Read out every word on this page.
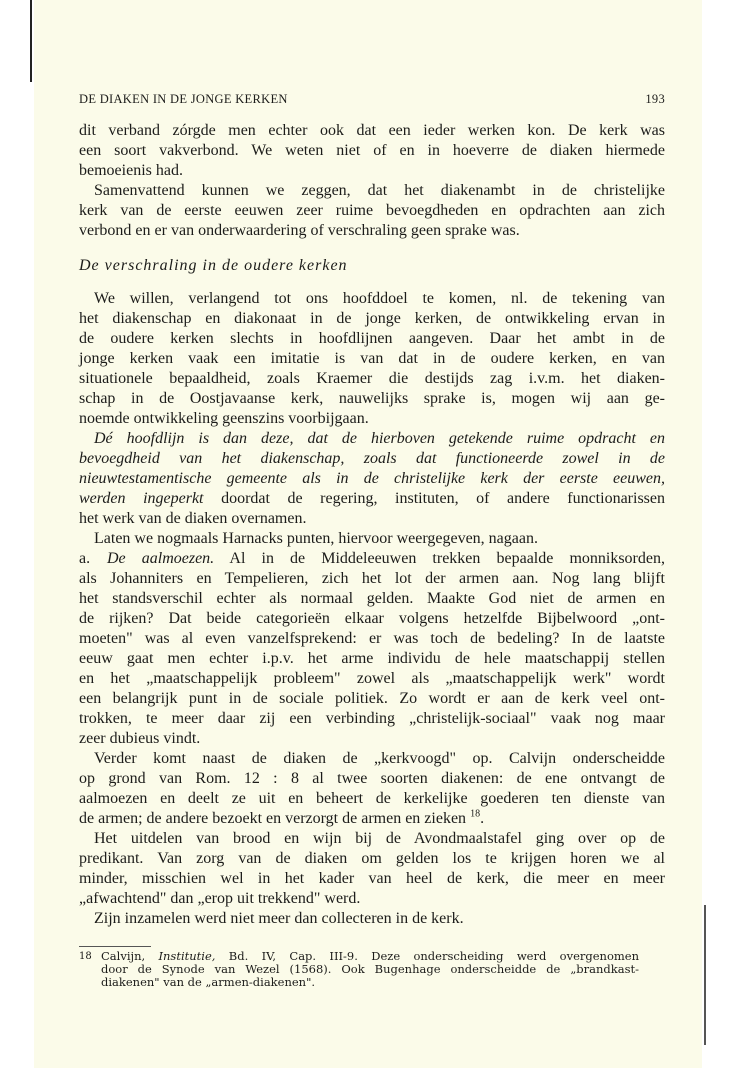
DE DIAKEN IN DE JONGE KERKEN	193
dit verband zórgde men echter ook dat een ieder werken kon. De kerk was
een soort vakverbond. We weten niet of en in hoeverre de diaken hiermede
bemoeienis had.
Samenvattend kunnen we zeggen, dat het diakenambt in de christelijke
kerk van de eerste eeuwen zeer ruime bevoegdheden en opdrachten aan zich
verbond en er van onderwaardering of verschraling geen sprake was.
De verschraling in de oudere kerken
We willen, verlangend tot ons hoofddoel te komen, nl. de tekening van
het diakenschap en diakonaat in de jonge kerken, de ontwikkeling ervan in
de oudere kerken slechts in hoofdlijnen aangeven. Daar het ambt in de
jonge kerken vaak een imitatie is van dat in de oudere kerken, en van
situationele bepaaldheid, zoals Kraemer die destijds zag i.v.m. het diaken-
schap in de Oostjavaanse kerk, nauwelijks sprake is, mogen wij aan ge-
noemde ontwikkeling geenszins voorbijgaan.
Dé hoofdlijn is dan deze, dat de hierboven getekende ruime opdracht en
bevoegdheid van het diakenschap, zoals dat functioneerde zowel in de
nieuwtestamentische gemeente als in de christelijke kerk der eerste eeuwen,
werden ingeperkt doordat de regering, instituten, of andere functionarissen
het werk van de diaken overnamen.
Laten we nogmaals Harnacks punten, hiervoor weergegeven, nagaan.
a. De aalmoezen. Al in de Middeleeuwen trekken bepaalde monniksorden,
als Johanniters en Tempelieren, zich het lot der armen aan. Nog lang blijft
het standsverschil echter als normaal gelden. Maakte God niet de armen en
de rijken? Dat beide categorieën elkaar volgens hetzelfde Bijbelwoord „ont-
moeten" was al even vanzelfsprekend: er was toch de bedeling? In de laatste
eeuw gaat men echter i.p.v. het arme individu de hele maatschappij stellen
en het „maatschappelijk probleem" zowel als „maatschappelijk werk" wordt
een belangrijk punt in de sociale politiek. Zo wordt er aan de kerk veel ont-
trokken, te meer daar zij een verbinding „christelijk-sociaal" vaak nog maar
zeer dubieus vindt.
Verder komt naast de diaken de „kerkvoogd" op. Calvijn onderscheidde
op grond van Rom. 12 : 8 al twee soorten diakenen: de ene ontvangt de
aalmoezen en deelt ze uit en beheert de kerkelijke goederen ten dienste van
de armen; de andere bezoekt en verzorgt de armen en zieken $^{18}$.
Het uitdelen van brood en wijn bij de Avondmaalstafel ging over op de
predikant. Van zorg van de diaken om gelden los te krijgen horen we al
minder, misschien wel in het kader van heel de kerk, die meer en meer
„afwachtend" dan „erop uit trekkend" werd.
Zijn inzamelen werd niet meer dan collecteren in de kerk.
18 Calvijn, Institutie, Bd. IV, Cap. III-9. Deze onderscheiding werd overgenomen
door de Synode van Wezel (1568). Ook Bugenhage onderscheidde de „brandkast-
diakenen" van de „armen-diakenen".
